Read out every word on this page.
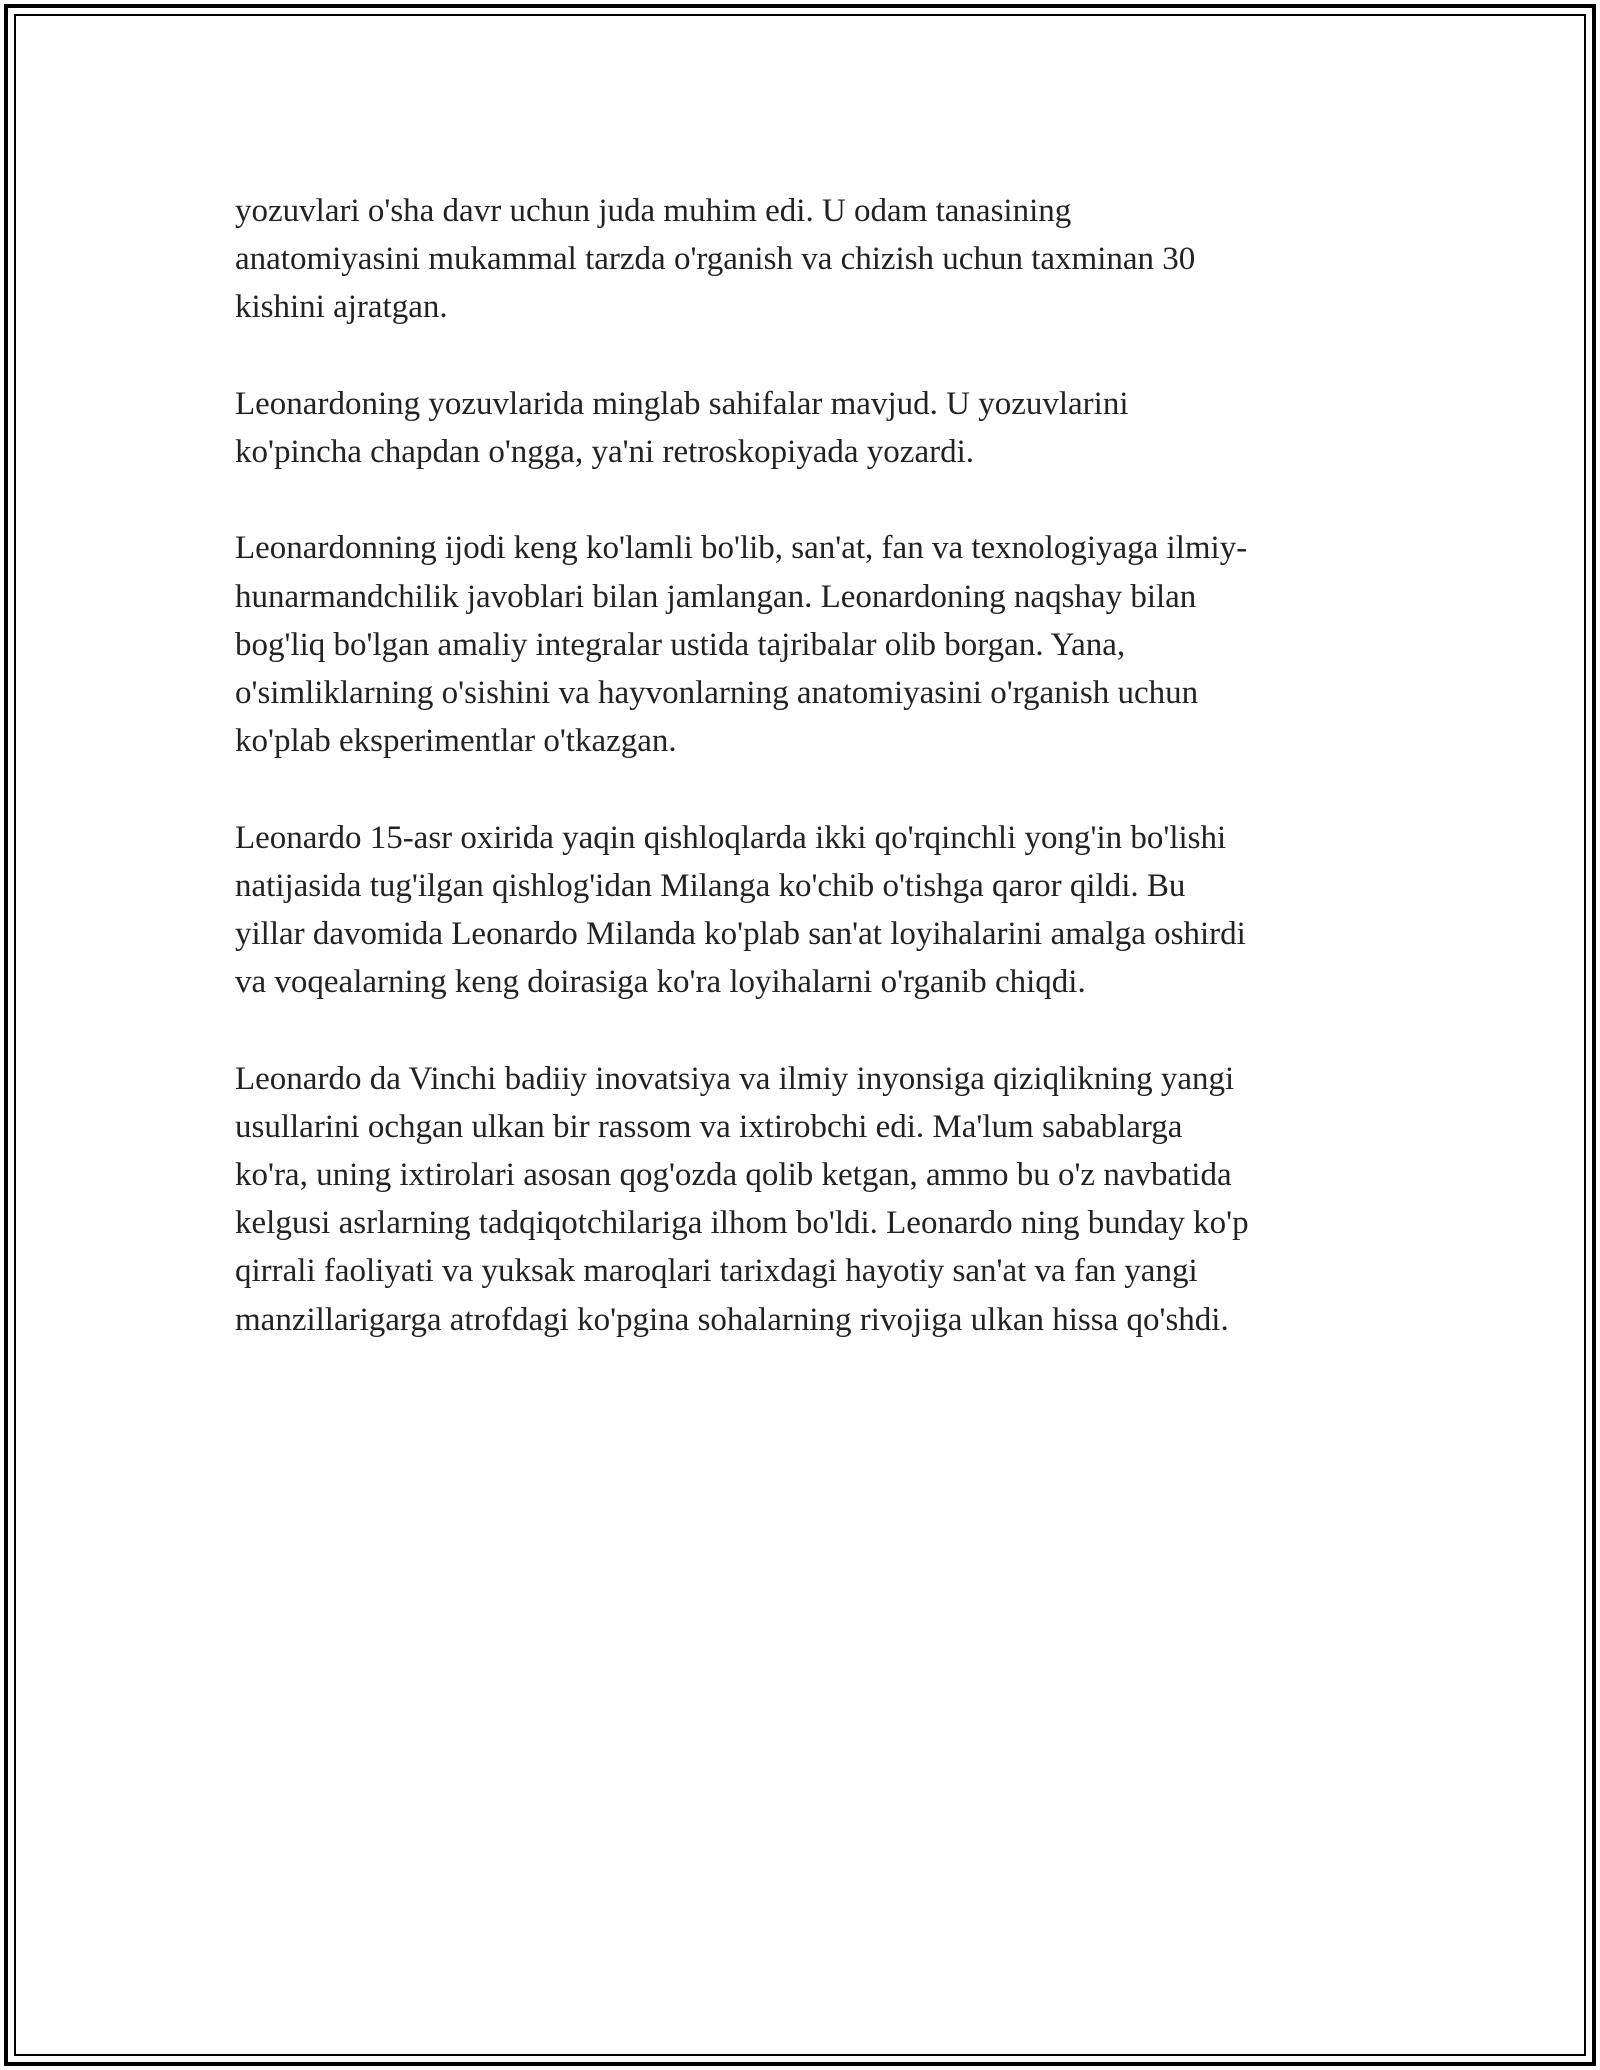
yozuvlari o'sha davr uchun juda muhim edi. U odam tanasining
anatomiyasini mukammal tarzda o'rganish va chizish uchun taxminan 30
kishini ajratgan.

Leonardoning yozuvlarida minglab sahifalar mavjud. U yozuvlarini
ko'pincha chapdan o'ngga, ya'ni retroskopiyada yozardi.

Leonardonning ijodi keng ko'lamli bo'lib, san'at, fan va texnologiyaga ilmiy-
hunarmandchilik javoblari bilan jamlangan. Leonardoning naqshay bilan
bog'liq bo'lgan amaliy integralar ustida tajribalar olib borgan. Yana,
o'simliklarning o'sishini va hayvonlarning anatomiyasini o'rganish uchun
ko'plab eksperimentlar o'tkazgan.

Leonardo 15-asr oxirida yaqin qishloqlarda ikki qo'rqinchli yong'in bo'lishi
natijasida tug'ilgan qishlog'idan Milanga ko'chib o'tishga qaror qildi. Bu
yillar davomida Leonardo Milanda ko'plab san'at loyihalarini amalga oshirdi
va voqealarning keng doirasiga ko'ra loyihalarni o'rganib chiqdi.

Leonardo da Vinchi badiiy inovatsiya va ilmiy inyonsiga qiziqlikning yangi
usullarini ochgan ulkan bir rassom va ixtirobchi edi. Ma'lum sabablarga
ko'ra, uning ixtirolari asosan qog'ozda qolib ketgan, ammo bu o'z navbatida
kelgusi asrlarning tadqiqotchilariga ilhom bo'ldi. Leonardo ning bunday ko'p
qirrali faoliyati va yuksak maroqlari tarixdagi hayotiy san'at va fan yangi
manzillarigarga atrofdagi ko'pgina sohalarning rivojiga ulkan hissa qo'shdi.
